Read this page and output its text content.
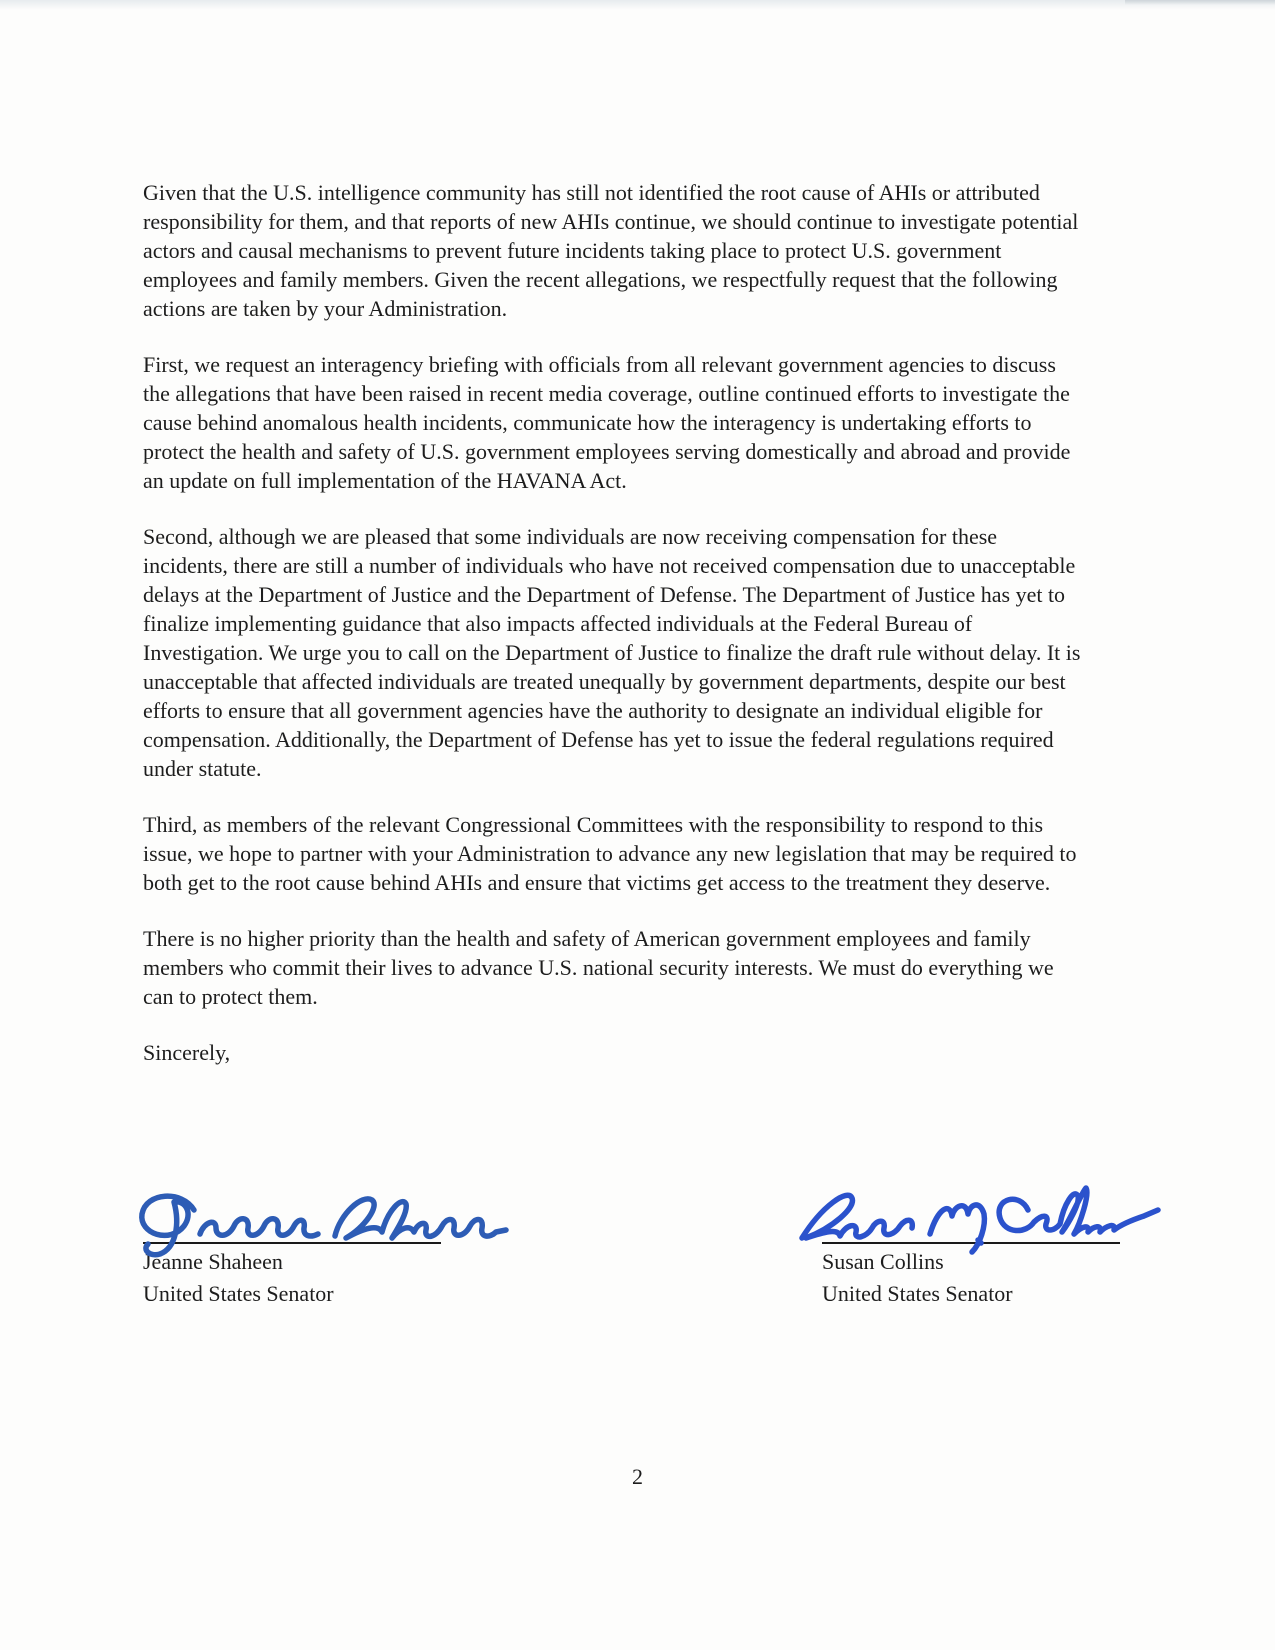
Given that the U.S. intelligence community has still not identified the root cause of AHIs or attributed responsibility for them, and that reports of new AHIs continue, we should continue to investigate potential actors and causal mechanisms to prevent future incidents taking place to protect U.S. government employees and family members. Given the recent allegations, we respectfully request that the following actions are taken by your Administration.

First, we request an interagency briefing with officials from all relevant government agencies to discuss the allegations that have been raised in recent media coverage, outline continued efforts to investigate the cause behind anomalous health incidents, communicate how the interagency is undertaking efforts to protect the health and safety of U.S. government employees serving domestically and abroad and provide an update on full implementation of the HAVANA Act.

Second, although we are pleased that some individuals are now receiving compensation for these incidents, there are still a number of individuals who have not received compensation due to unacceptable delays at the Department of Justice and the Department of Defense. The Department of Justice has yet to finalize implementing guidance that also impacts affected individuals at the Federal Bureau of Investigation. We urge you to call on the Department of Justice to finalize the draft rule without delay. It is unacceptable that affected individuals are treated unequally by government departments, despite our best efforts to ensure that all government agencies have the authority to designate an individual eligible for compensation. Additionally, the Department of Defense has yet to issue the federal regulations required under statute.

Third, as members of the relevant Congressional Committees with the responsibility to respond to this issue, we hope to partner with your Administration to advance any new legislation that may be required to both get to the root cause behind AHIs and ensure that victims get access to the treatment they deserve.

There is no higher priority than the health and safety of American government employees and family members who commit their lives to advance U.S. national security interests. We must do everything we can to protect them.

Sincerely,

Jeanne Shaheen
United States Senator
Susan Collins
United States Senator
2
